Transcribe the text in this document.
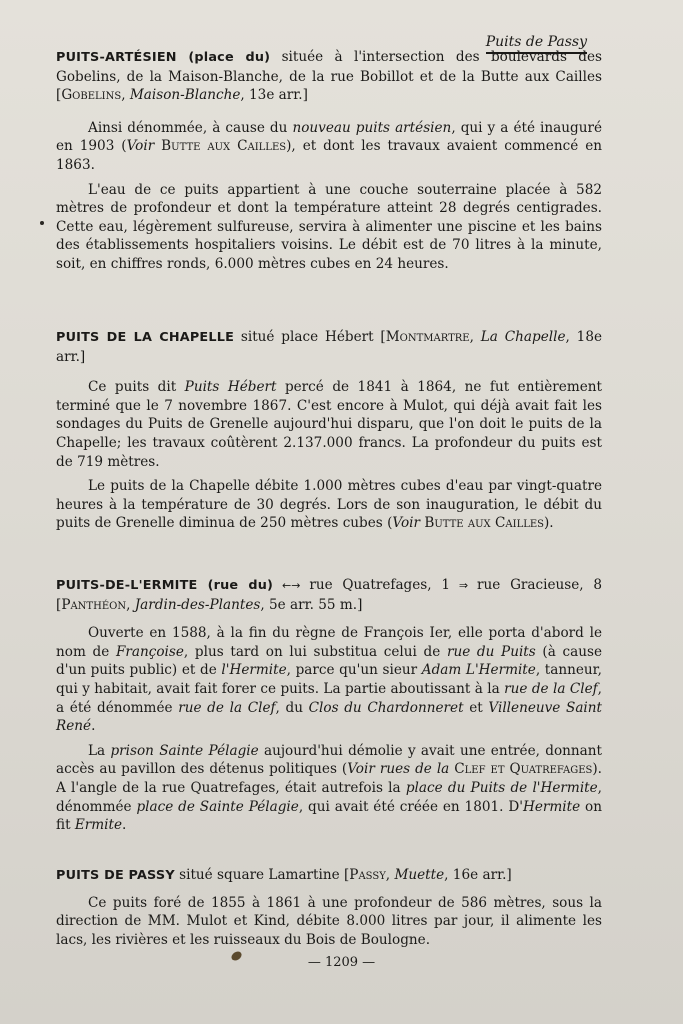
Puits de Passy

PUITS-ARTÉSIEN (place du) située à l'intersection des boulevards des Gobelins, de la Maison-Blanche, de la rue Bobillot et de la Butte aux Cailles [Gobelins, Maison-Blanche, 13e arr.]

Ainsi dénommée, à cause du nouveau puits artésien, qui y a été inauguré en 1903 (Voir Butte aux Cailles), et dont les travaux avaient commencé en 1863.

L'eau de ce puits appartient à une couche souterraine placée à 582 mètres de profondeur et dont la température atteint 28 degrés centigrades. Cette eau, légèrement sulfureuse, servira à alimenter une piscine et les bains des établissements hospitaliers voisins. Le débit est de 70 litres à la minute, soit, en chiffres ronds, 6.000 mètres cubes en 24 heures.

PUITS DE LA CHAPELLE situé place Hébert [Montmartre, La Chapelle, 18e arr.]

Ce puits dit Puits Hébert percé de 1841 à 1864, ne fut entièrement terminé que le 7 novembre 1867. C'est encore à Mulot, qui déjà avait fait les sondages du Puits de Grenelle aujourd'hui disparu, que l'on doit le puits de la Chapelle; les travaux coûtèrent 2.137.000 francs. La profondeur du puits est de 719 mètres.

Le puits de la Chapelle débite 1.000 mètres cubes d'eau par vingt-quatre heures à la température de 30 degrés. Lors de son inauguration, le débit du puits de Grenelle diminua de 250 mètres cubes (Voir Butte aux Cailles).

PUITS-DE-L'ERMITE (rue du) ←→ rue Quatrefages, 1 ⇒ rue Gracieuse, 8 [Panthéon, Jardin-des-Plantes, 5e arr. 55 m.]

Ouverte en 1588, à la fin du règne de François Ier, elle porta d'abord le nom de Françoise, plus tard on lui substitua celui de rue du Puits (à cause d'un puits public) et de l'Hermite, parce qu'un sieur Adam L'Hermite, tanneur, qui y habitait, avait fait forer ce puits. La partie aboutissant à la rue de la Clef, a été dénommée rue de la Clef, du Clos du Chardonneret et Villeneuve Saint René.

La prison Sainte Pélagie aujourd'hui démolie y avait une entrée, donnant accès au pavillon des détenus politiques (Voir rues de la Clef et Quatrefages). A l'angle de la rue Quatrefages, était autrefois la place du Puits de l'Hermite, dénommée place de Sainte Pélagie, qui avait été créée en 1801. D'Hermite on fit Ermite.

PUITS DE PASSY situé square Lamartine [Passy, Muette, 16e arr.]

Ce puits foré de 1855 à 1861 à une profondeur de 586 mètres, sous la direction de MM. Mulot et Kind, débite 8.000 litres par jour, il alimente les lacs, les rivières et les ruisseaux du Bois de Boulogne.

— 1209 —
